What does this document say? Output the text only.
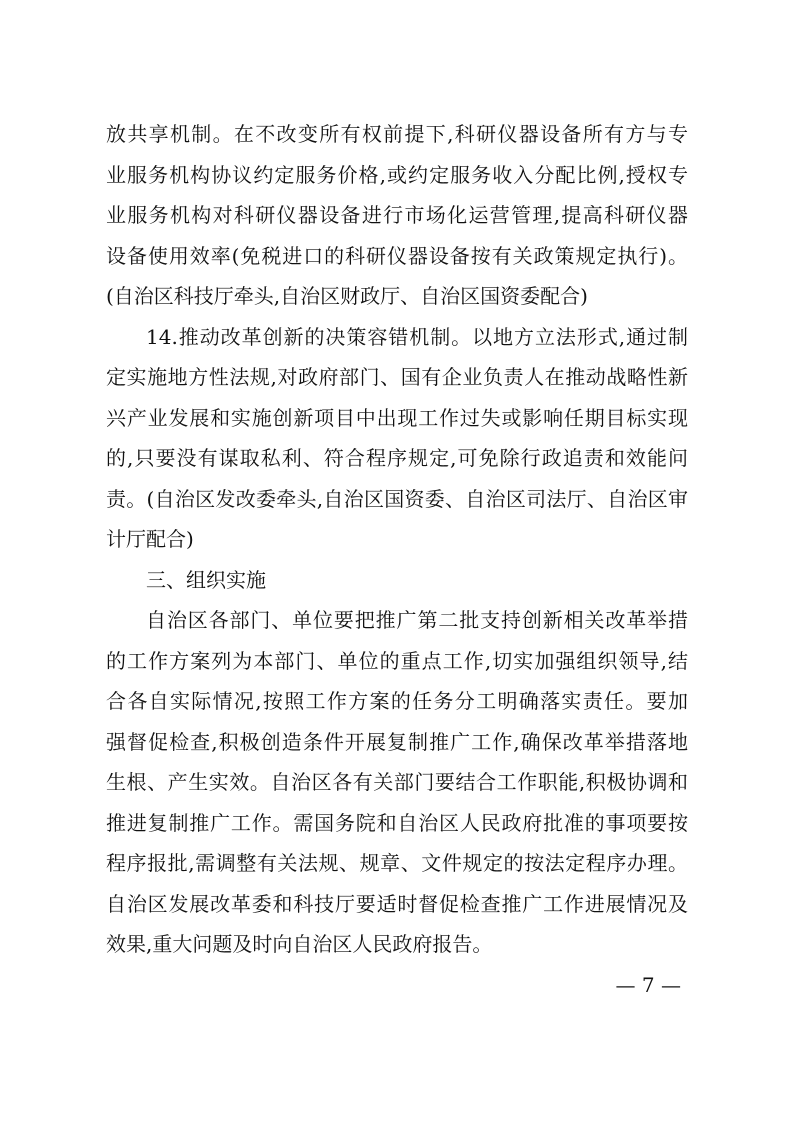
放共享机制。在不改变所有权前提下,科研仪器设备所有方与专
业服务机构协议约定服务价格,或约定服务收入分配比例,授权专
业服务机构对科研仪器设备进行市场化运营管理,提高科研仪器
设备使用效率(免税进口的科研仪器设备按有关政策规定执行)。
(自治区科技厅牵头,自治区财政厅、自治区国资委配合)
14.推动改革创新的决策容错机制。以地方立法形式,通过制
定实施地方性法规,对政府部门、国有企业负责人在推动战略性新
兴产业发展和实施创新项目中出现工作过失或影响任期目标实现
的,只要没有谋取私利、符合程序规定,可免除行政追责和效能问
责。(自治区发改委牵头,自治区国资委、自治区司法厅、自治区审
计厅配合)
三、组织实施
自治区各部门、单位要把推广第二批支持创新相关改革举措
的工作方案列为本部门、单位的重点工作,切实加强组织领导,结
合各自实际情况,按照工作方案的任务分工明确落实责任。要加
强督促检查,积极创造条件开展复制推广工作,确保改革举措落地
生根、产生实效。自治区各有关部门要结合工作职能,积极协调和
推进复制推广工作。需国务院和自治区人民政府批准的事项要按
程序报批,需调整有关法规、规章、文件规定的按法定程序办理。
自治区发展改革委和科技厅要适时督促检查推广工作进展情况及
效果,重大问题及时向自治区人民政府报告。
— 7 —
